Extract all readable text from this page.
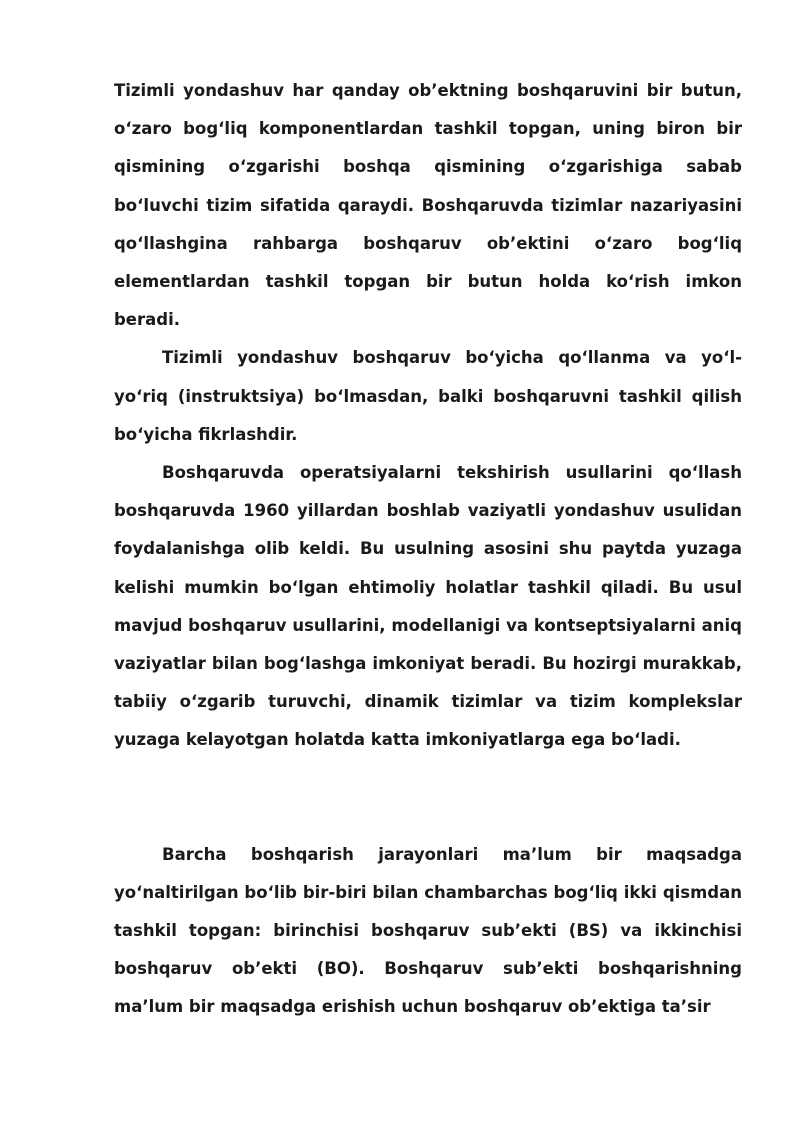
Tizimli yondashuv har qanday ob’ektning boshqaruvini bir butun, o‘zaro bog‘liq komponentlardan tashkil topgan, uning biron bir qismining o‘zgarishi boshqa qismining o‘zgarishiga sabab bo‘luvchi tizim sifatida qaraydi. Boshqaruvda tizimlar nazariyasini qo‘llashgina rahbarga boshqaruv ob’ektini o‘zaro bog‘liq elementlardan tashkil topgan bir butun holda ko‘rish imkon beradi.

Tizimli yondashuv boshqaruv bo‘yicha qo‘llanma va yo‘l-yo‘riq (instruktsiya) bo‘lmasdan, balki boshqaruvni tashkil qilish bo‘yicha fikrlashdir.

Boshqaruvda operatsiyalarni tekshirish usullarini qo‘llash boshqaruvda 1960 yillardan boshlab vaziyatli yondashuv usulidan foydalanishga olib keldi. Bu usulning asosini shu paytda yuzaga kelishi mumkin bo‘lgan ehtimoliy holatlar tashkil qiladi. Bu usul mavjud boshqaruv usullarini, modellanigi va kontseptsiyalarni aniq vaziyatlar bilan bog‘lashga imkoniyat beradi. Bu hozirgi murakkab, tabiiy o‘zgarib turuvchi, dinamik tizimlar va tizim komplekslar yuzaga kelayotgan holatda katta imkoniyatlarga ega bo‘ladi.

Barcha boshqarish jarayonlari ma’lum bir maqsadga yo‘naltirilgan bo‘lib bir-biri bilan chambarchas bog‘liq ikki qismdan tashkil topgan: birinchisi boshqaruv sub’ekti (BS) va ikkinchisi boshqaruv ob’ekti (BO). Boshqaruv sub’ekti boshqarishning ma’lum bir maqsadga erishish uchun boshqaruv ob’ektiga ta’sir
